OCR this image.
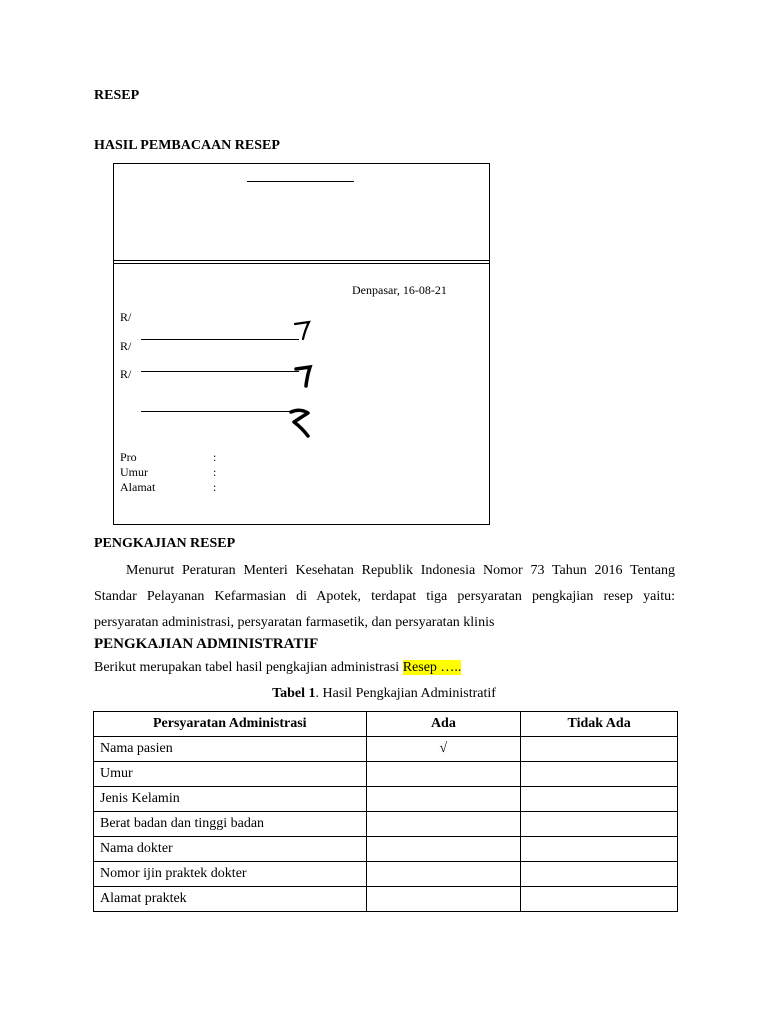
RESEP
HASIL PEMBACAAN RESEP
Denpasar, 16-08-21
R/
R/
R/
Pro	:
Umur	:
Alamat	:
PENGKAJIAN RESEP
Menurut Peraturan Menteri Kesehatan Republik Indonesia Nomor 73 Tahun 2016 Tentang Standar Pelayanan Kefarmasian di Apotek, terdapat tiga persyaratan pengkajian resep yaitu: persyaratan administrasi, persyaratan farmasetik, dan persyaratan klinis
PENGKAJIAN ADMINISTRATIF
Berikut merupakan tabel hasil pengkajian administrasi Resep …..
Tabel 1. Hasil Pengkajian Administratif
Persyaratan Administrasi	Ada	Tidak Ada
Nama pasien	√	
Umur		
Jenis Kelamin		
Berat badan dan tinggi badan		
Nama dokter		
Nomor ijin praktek dokter		
Alamat praktek		
